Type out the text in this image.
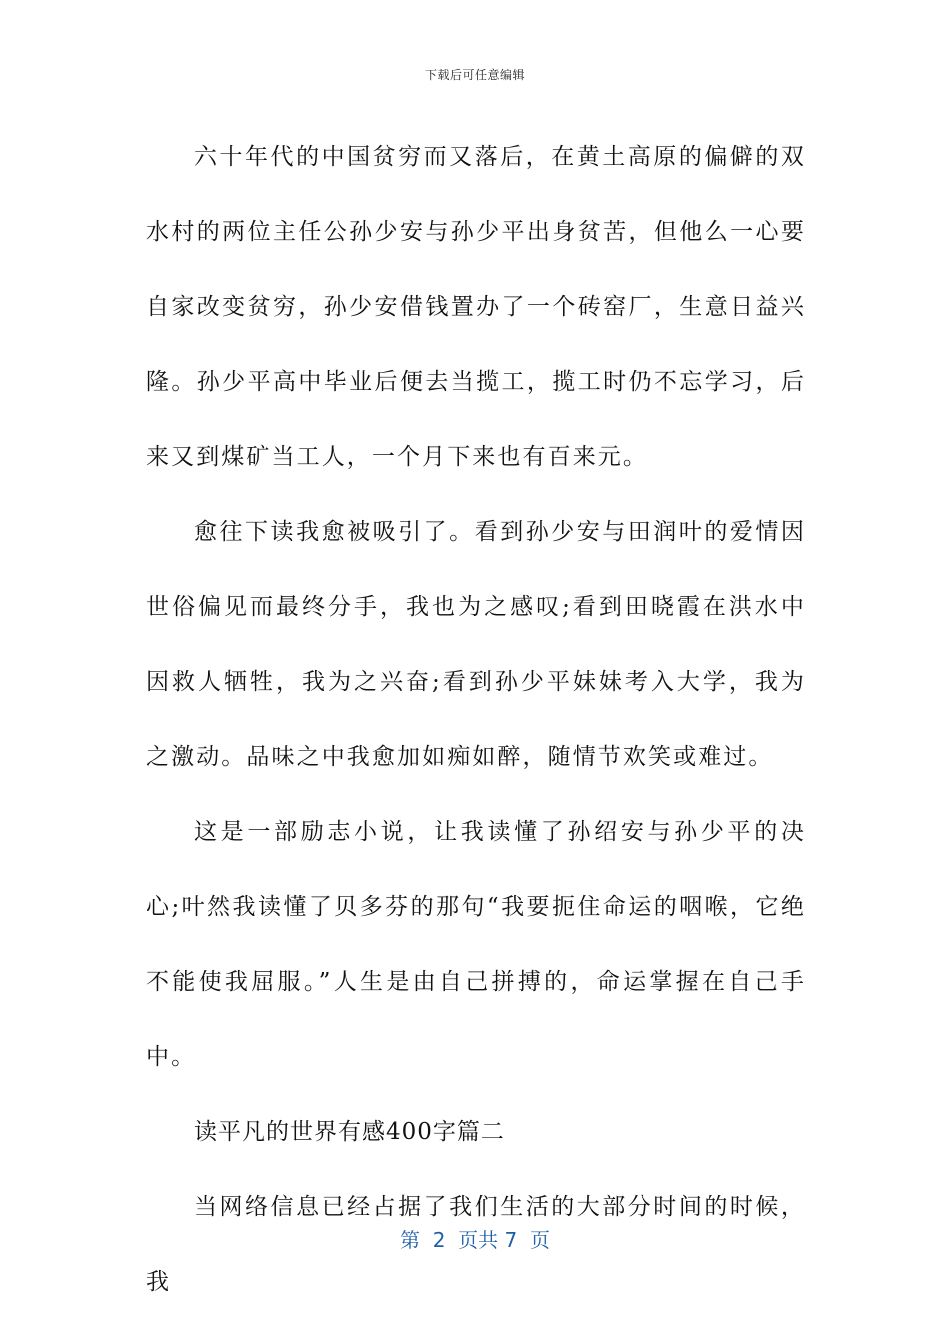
下载后可任意编辑

六十年代的中国贫穷而又落后，在黄土高原的偏僻的双水村的两位主任公孙少安与孙少平出身贫苦，但他么一心要自家改变贫穷，孙少安借钱置办了一个砖窑厂，生意日益兴隆。孙少平高中毕业后便去当揽工，揽工时仍不忘学习，后来又到煤矿当工人，一个月下来也有百来元。

愈往下读我愈被吸引了。看到孙少安与田润叶的爱情因世俗偏见而最终分手，我也为之感叹;看到田晓霞在洪水中因救人牺牲，我为之兴奋;看到孙少平妹妹考入大学，我为之激动。品味之中我愈加如痴如醉，随情节欢笑或难过。

这是一部励志小说，让我读懂了孙绍安与孙少平的决心;叶然我读懂了贝多芬的那句“我要扼住命运的咽喉，它绝不能使我屈服。”人生是由自己拼搏的，命运掌握在自己手中。

读平凡的世界有感400字篇二

当网络信息已经占据了我们生活的大部分时间的时候，我

第  2  页共 7  页
